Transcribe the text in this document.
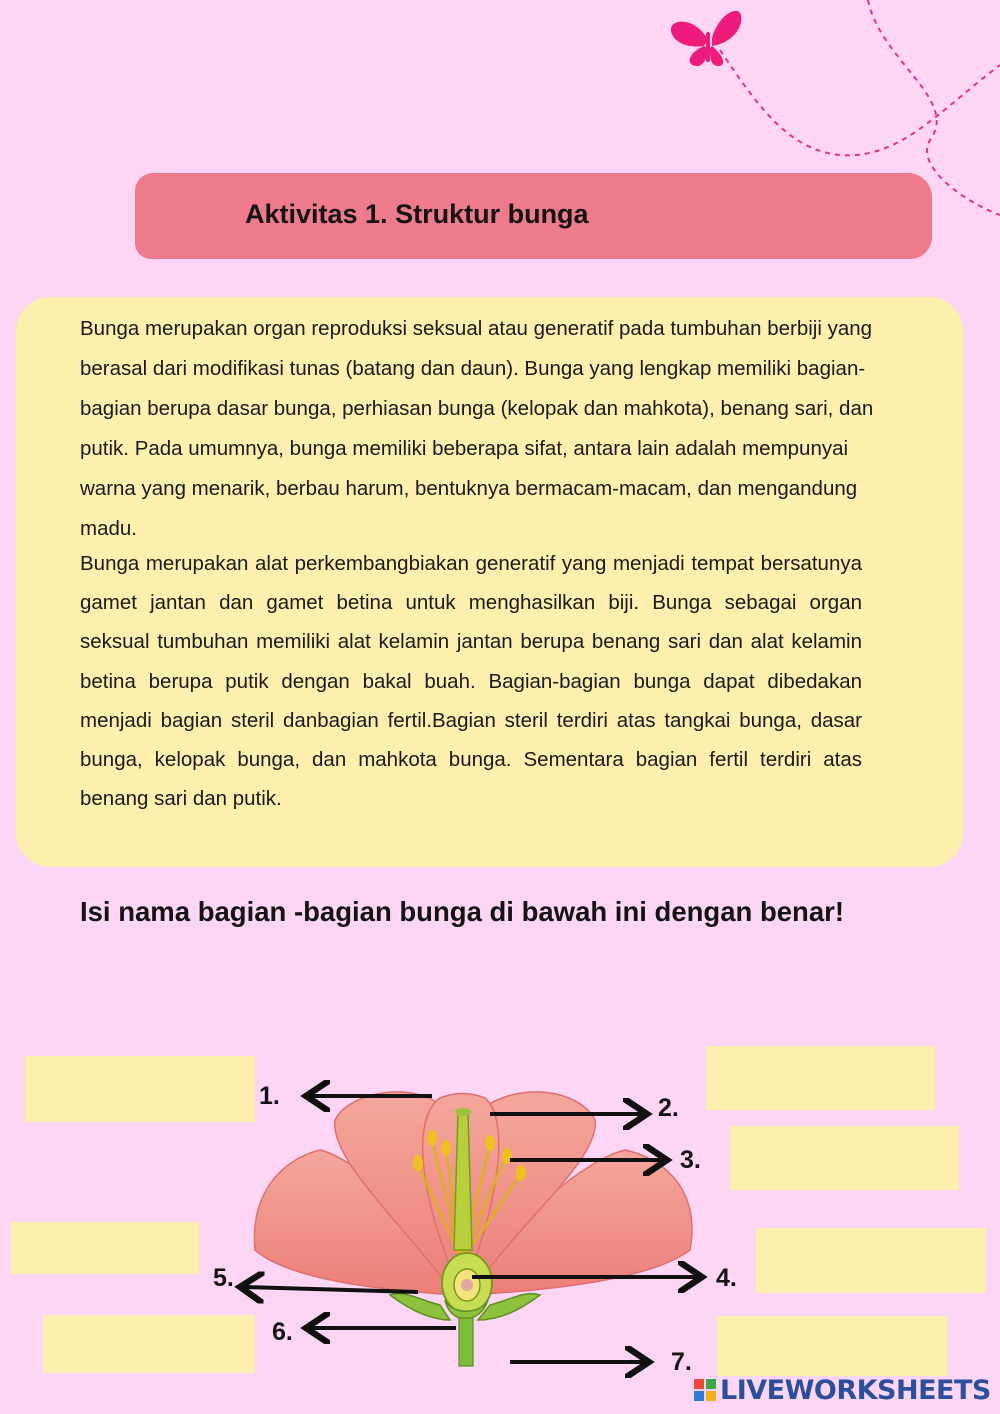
Aktivitas 1. Struktur bunga
Bunga merupakan organ reproduksi seksual atau generatif pada tumbuhan berbiji yang berasal dari modifikasi tunas (batang dan daun). Bunga yang lengkap memiliki bagian-bagian berupa dasar bunga, perhiasan bunga (kelopak dan mahkota), benang sari, dan putik. Pada umumnya, bunga memiliki beberapa sifat, antara lain adalah mempunyai warna yang menarik, berbau harum, bentuknya bermacam-macam, dan mengandung madu.
Bunga merupakan alat perkembangbiakan generatif yang menjadi tempat bersatunya gamet jantan dan gamet betina untuk menghasilkan biji. Bunga sebagai organ seksual tumbuhan memiliki alat kelamin jantan berupa benang sari dan alat kelamin betina berupa putik dengan bakal buah. Bagian-bagian bunga dapat dibedakan menjadi bagian steril danbagian fertil.Bagian steril terdiri atas tangkai bunga, dasar bunga, kelopak bunga, dan mahkota bunga. Sementara bagian fertil terdiri atas benang sari dan putik.
Isi nama bagian -bagian bunga di bawah ini dengan benar!
1.	2.
3.
4.
5.
6.
7.
LIVEWORKSHEETS
